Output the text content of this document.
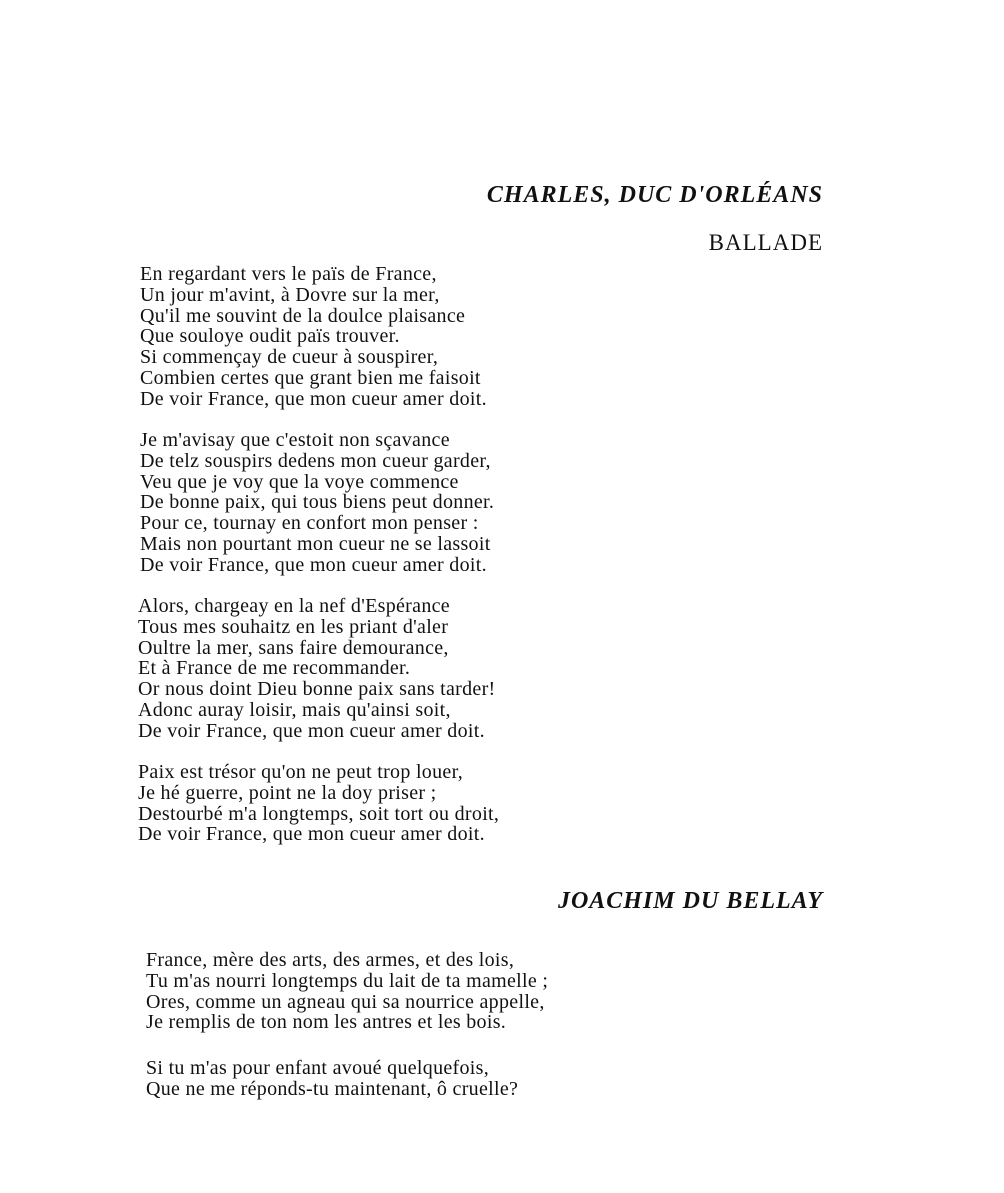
CHARLES, DUC D'ORLÉANS
BALLADE
En regardant vers le païs de France,
Un jour m'avint, à Dovre sur la mer,
Qu'il me souvint de la doulce plaisance
Que souloye oudit païs trouver.
Si commençay de cueur à souspirer,
Combien certes que grant bien me faisoit
De voir France, que mon cueur amer doit.
Je m'avisay que c'estoit non sçavance
De telz souspirs dedens mon cueur garder,
Veu que je voy que la voye commence
De bonne paix, qui tous biens peut donner.
Pour ce, tournay en confort mon penser :
Mais non pourtant mon cueur ne se lassoit
De voir France, que mon cueur amer doit.
Alors, chargeay en la nef d'Espérance
Tous mes souhaitz en les priant d'aler
Oultre la mer, sans faire demourance,
Et à France de me recommander.
Or nous doint Dieu bonne paix sans tarder!
Adonc auray loisir, mais qu'ainsi soit,
De voir France, que mon cueur amer doit.
Paix est trésor qu'on ne peut trop louer,
Je hé guerre, point ne la doy priser ;
Destourbé m'a longtemps, soit tort ou droit,
De voir France, que mon cueur amer doit.
JOACHIM DU BELLAY
France, mère des arts, des armes, et des lois,
Tu m'as nourri longtemps du lait de ta mamelle ;
Ores, comme un agneau qui sa nourrice appelle,
Je remplis de ton nom les antres et les bois.
Si tu m'as pour enfant avoué quelquefois,
Que ne me réponds-tu maintenant, ô cruelle?
